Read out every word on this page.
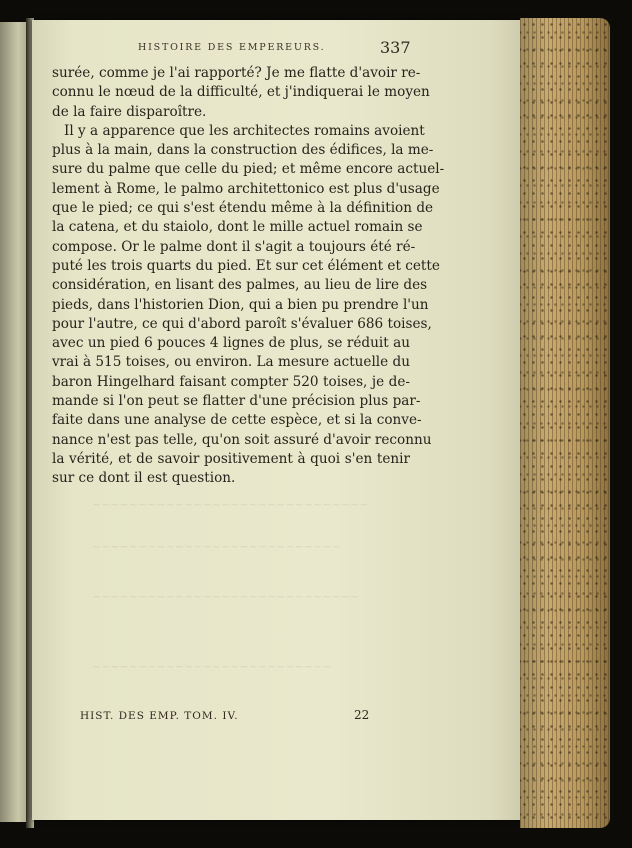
~~~~~~~~~~~~~~~~~~~~~~~~~~~~~~
~~~~~~~~~~~~~~~~~~~~~~~~~~~
~~~~~~~~~~~~~~~~~~~~~~~~~~~~~
~~~~~~~~~~~~~~~~~~~~~~~~~~
HISTOIRE DES EMPEREURS.	337
surée, comme je l'ai rapporté? Je me flatte d'avoir re-
connu le nœud de la difficulté, et j'indiquerai le moyen
de la faire disparoître.
Il y a apparence que les architectes romains avoient
plus à la main, dans la construction des édifices, la me-
sure du palme que celle du pied; et même encore actuel-
lement à Rome, le palmo architettonico est plus d'usage
que le pied; ce qui s'est étendu même à la définition de
la catena, et du staiolo, dont le mille actuel romain se
compose. Or le palme dont il s'agit a toujours été ré-
puté les trois quarts du pied. Et sur cet élément et cette
considération, en lisant des palmes, au lieu de lire des
pieds, dans l'historien Dion, qui a bien pu prendre l'un
pour l'autre, ce qui d'abord paroît s'évaluer 686 toises,
avec un pied 6 pouces 4 lignes de plus, se réduit au
vrai à 515 toises, ou environ. La mesure actuelle du
baron Hingelhard faisant compter 520 toises, je de-
mande si l'on peut se flatter d'une précision plus par-
faite dans une analyse de cette espèce, et si la conve-
nance n'est pas telle, qu'on soit assuré d'avoir reconnu
la vérité, et de savoir positivement à quoi s'en tenir
sur ce dont il est question.
HIST. DES EMP. TOM. IV.	22
